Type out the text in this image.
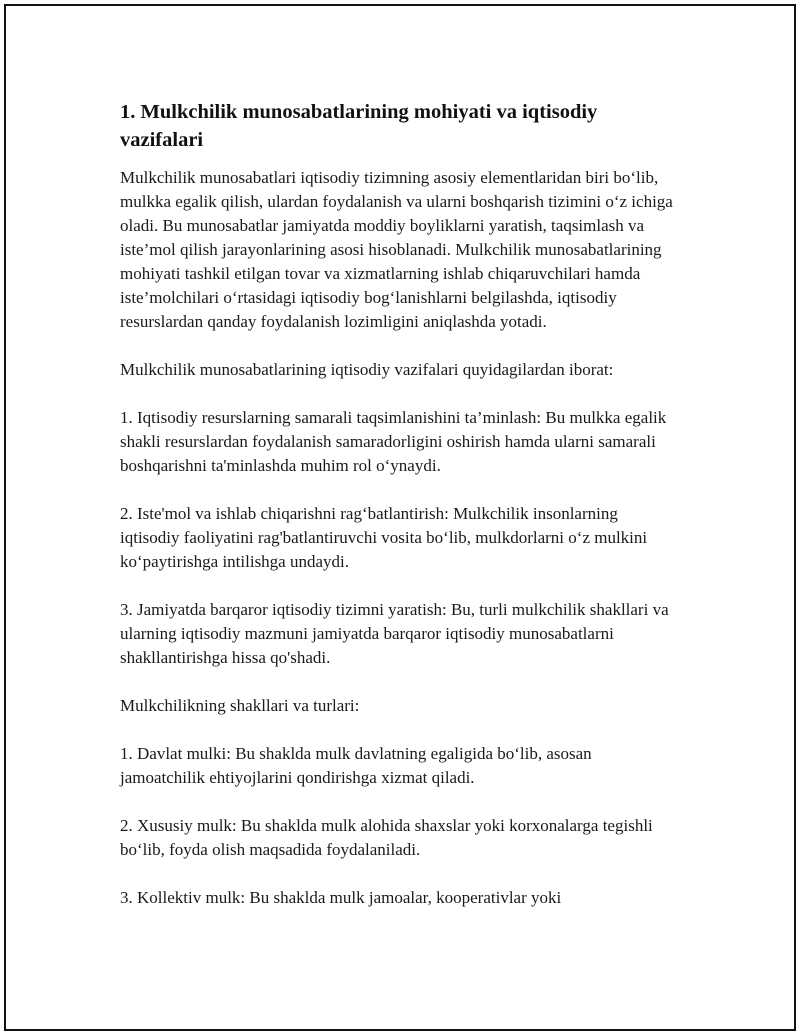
1. Mulkchilik munosabatlarining mohiyati va iqtisodiy vazifalari

Mulkchilik munosabatlari iqtisodiy tizimning asosiy elementlaridan biri bo‘lib, mulkka egalik qilish, ulardan foydalanish va ularni boshqarish tizimini o‘z ichiga oladi. Bu munosabatlar jamiyatda moddiy boyliklarni yaratish, taqsimlash va iste’mol qilish jarayonlarining asosi hisoblanadi. Mulkchilik munosabatlarining mohiyati tashkil etilgan tovar va xizmatlarning ishlab chiqaruvchilari hamda iste’molchilari o‘rtasidagi iqtisodiy bog‘lanishlarni belgilashda, iqtisodiy resurslardan qanday foydalanish lozimligini aniqlashda yotadi.

Mulkchilik munosabatlarining iqtisodiy vazifalari quyidagilardan iborat:

1. Iqtisodiy resurslarning samarali taqsimlanishini ta’minlash: Bu mulkka egalik shakli resurslardan foydalanish samaradorligini oshirish hamda ularni samarali boshqarishni ta'minlashda muhim rol o‘ynaydi.

2. Iste'mol va ishlab chiqarishni rag‘batlantirish: Mulkchilik insonlarning iqtisodiy faoliyatini rag'batlantiruvchi vosita bo‘lib, mulkdorlarni o‘z mulkini ko‘paytirishga intilishga undaydi.

3. Jamiyatda barqaror iqtisodiy tizimni yaratish: Bu, turli mulkchilik shakllari va ularning iqtisodiy mazmuni jamiyatda barqaror iqtisodiy munosabatlarni shakllantirishga hissa qo'shadi.

Mulkchilikning shakllari va turlari:

1. Davlat mulki: Bu shaklda mulk davlatning egaligida bo‘lib, asosan jamoatchilik ehtiyojlarini qondirishga xizmat qiladi.

2. Xususiy mulk: Bu shaklda mulk alohida shaxslar yoki korxonalarga tegishli bo‘lib, foyda olish maqsadida foydalaniladi.

3. Kollektiv mulk: Bu shaklda mulk jamoalar, kooperativlar yoki
